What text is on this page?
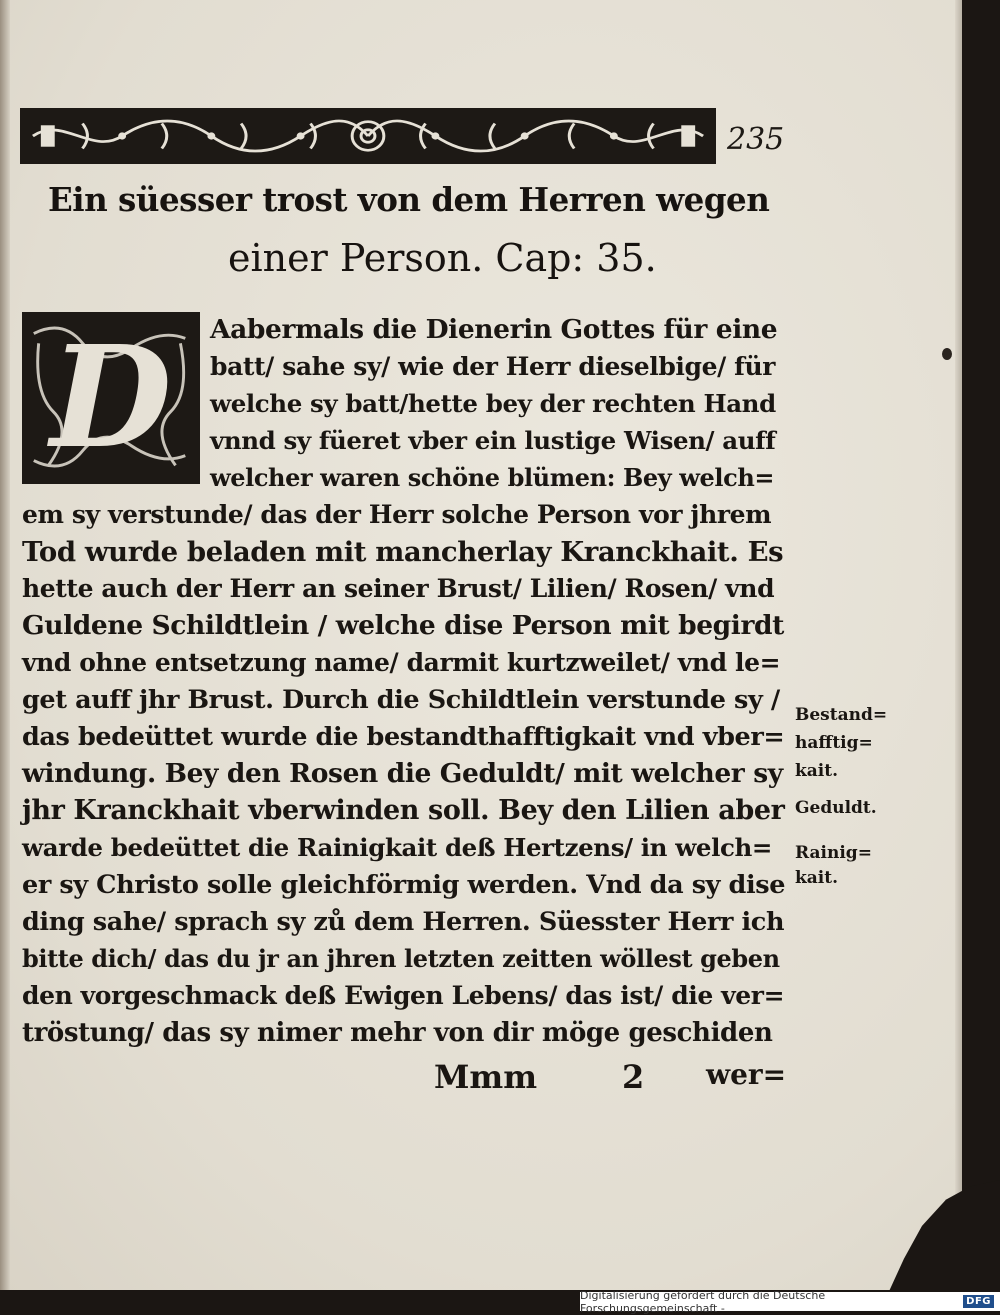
235
Ein süesser trost von dem Herren wegen
einer Person. Cap: 35.
D	Aabermals die Dienerin Gottes für eine
batt/ sahe sy/ wie der Herr dieselbige/ für
welche sy batt/hette bey der rechten Hand
vnnd sy füeret vber ein lustige Wisen/ auff
welcher waren schöne blümen: Bey welch=
em sy verstunde/ das der Herr solche Person vor jhrem
Tod wurde beladen mit mancherlay Kranckhait. Es
hette auch der Herr an seiner Brust/ Lilien/ Rosen/ vnd
Guldene Schildtlein / welche dise Person mit begirdt
vnd ohne entsetzung name/ darmit kurtzweilet/ vnd le=
get auff jhr Brust. Durch die Schildtlein verstunde sy /
das bedeüttet wurde die bestandthafftigkait vnd vber=
windung. Bey den Rosen die Geduldt/ mit welcher sy
jhr Kranckhait vberwinden soll. Bey den Lilien aber
warde bedeüttet die Rainigkait deß Hertzens/ in welch=
er sy Christo solle gleichförmig werden. Vnd da sy dise
ding sahe/ sprach sy zů dem Herren. Süesster Herr ich
bitte dich/ das du jr an jhren letzten zeitten wöllest geben
den vorgeschmack deß Ewigen Lebens/ das ist/ die ver=
tröstung/ das sy nimer mehr von dir möge geschiden
Bestand=
hafftig=
kait.
Geduldt.
Rainig=
kait.
Mmm	2 wer=
Digitalisierung gefördert durch die Deutsche Forschungsgemeinschaft -	DFG
